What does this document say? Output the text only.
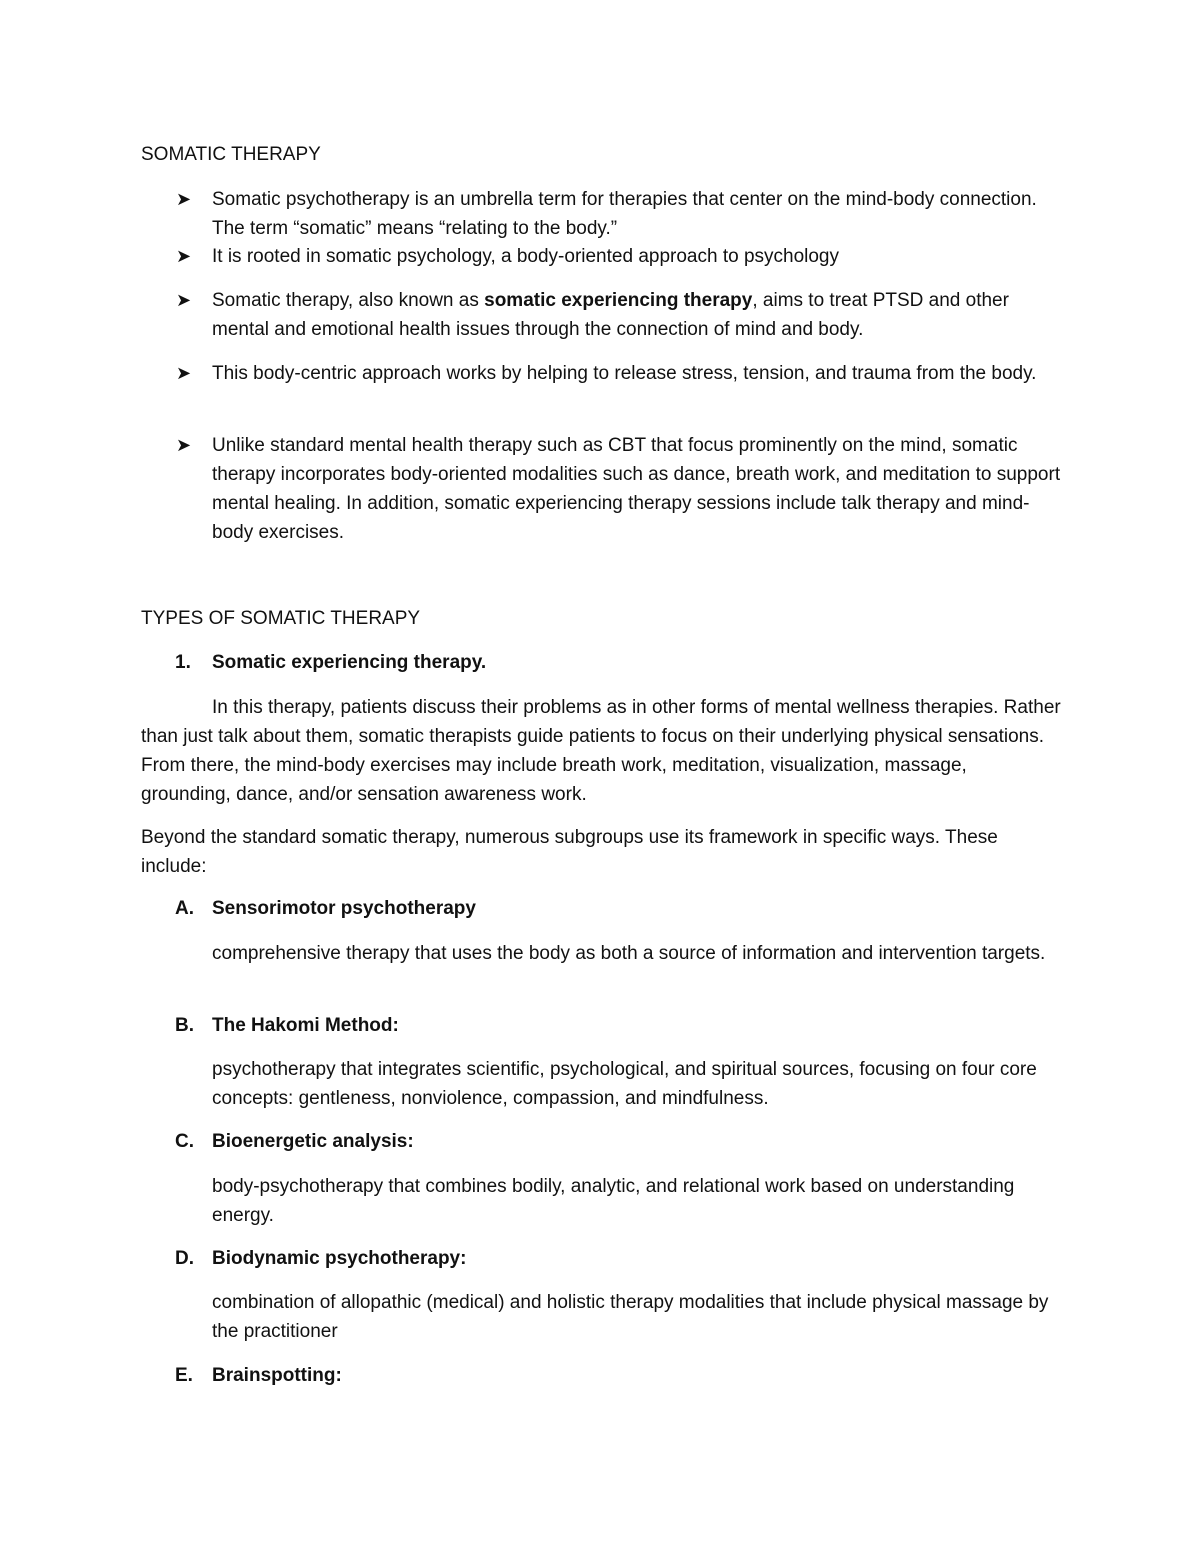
SOMATIC THERAPY
➤ Somatic psychotherapy is an umbrella term for therapies that center on the mind-body connection. The term “somatic” means “relating to the body.”
➤ It is rooted in somatic psychology, a body-oriented approach to psychology
➤ Somatic therapy, also known as somatic experiencing therapy, aims to treat PTSD and other mental and emotional health issues through the connection of mind and body.
➤ This body-centric approach works by helping to release stress, tension, and trauma from the body.
➤ Unlike standard mental health therapy such as CBT that focus prominently on the mind, somatic therapy incorporates body-oriented modalities such as dance, breath work, and meditation to support mental healing. In addition, somatic experiencing therapy sessions include talk therapy and mind-body exercises.
TYPES OF SOMATIC THERAPY
1. Somatic experiencing therapy.

In this therapy, patients discuss their problems as in other forms of mental wellness therapies. Rather than just talk about them, somatic therapists guide patients to focus on their underlying physical sensations. From there, the mind-body exercises may include breath work, meditation, visualization, massage, grounding, dance, and/or sensation awareness work.

Beyond the standard somatic therapy, numerous subgroups use its framework in specific ways. These include:

A. Sensorimotor psychotherapy

comprehensive therapy that uses the body as both a source of information and intervention targets.

B. The Hakomi Method:

psychotherapy that integrates scientific, psychological, and spiritual sources, focusing on four core concepts: gentleness, nonviolence, compassion, and mindfulness.

C. Bioenergetic analysis:

body-psychotherapy that combines bodily, analytic, and relational work based on understanding energy.

D. Biodynamic psychotherapy:

combination of allopathic (medical) and holistic therapy modalities that include physical massage by the practitioner

E. Brainspotting:
